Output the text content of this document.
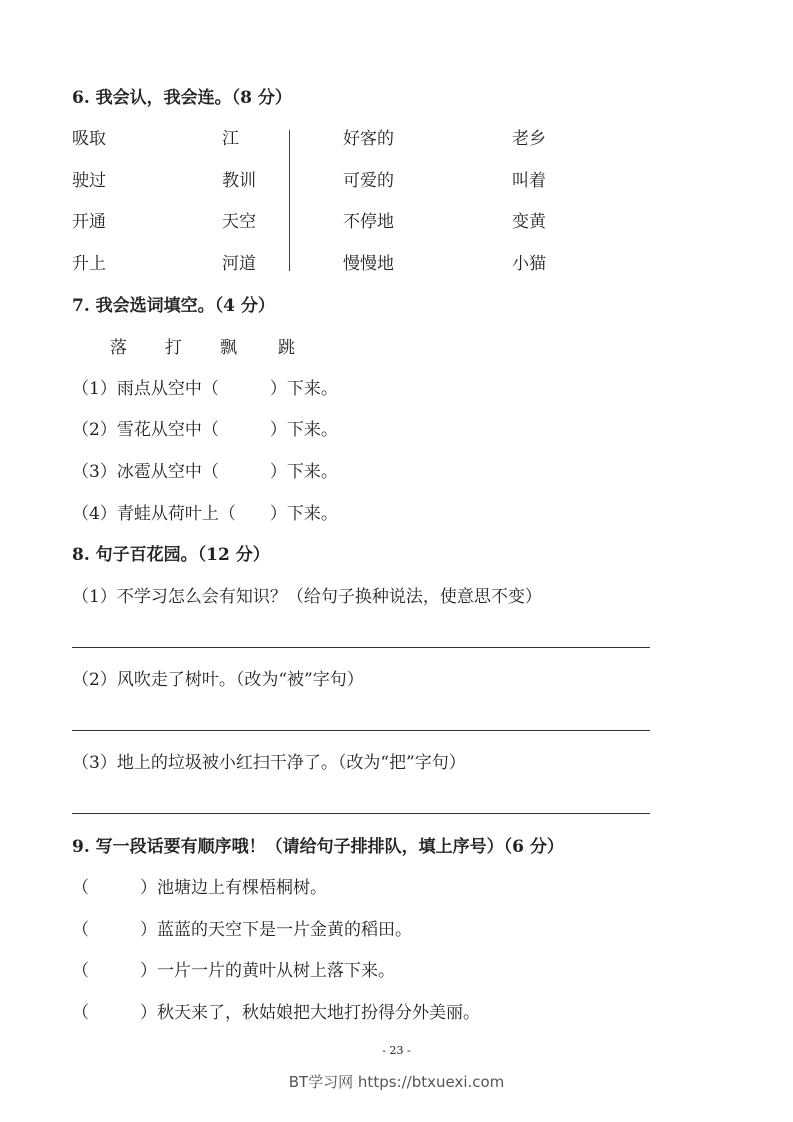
6. 我会认，我会连。（8 分）
吸取
驶过
开通
升上
江
教训
天空
河道
好客的
可爱的
不停地
慢慢地
老乡
叫着
变黄
小猫
7. 我会选词填空。（4 分）
落 打 飘 跳
（1）雨点从空中（　　　）下来。
（2）雪花从空中（　　　）下来。
（3）冰雹从空中（　　　）下来。
（4）青蛙从荷叶上（　　）下来。
8. 句子百花园。（12 分）
（1）不学习怎么会有知识？（给句子换种说法，使意思不变）
（2）风吹走了树叶。（改为“被”字句）
（3）地上的垃圾被小红扫干净了。（改为“把”字句）
9. 写一段话要有顺序哦！（请给句子排排队，填上序号）（6 分）
（　　　）池塘边上有棵梧桐树。
（　　　）蓝蓝的天空下是一片金黄的稻田。
（　　　）一片一片的黄叶从树上落下来。
（　　　）秋天来了，秋姑娘把大地打扮得分外美丽。
- 23 -
BT学习网 https://btxuexi.com
